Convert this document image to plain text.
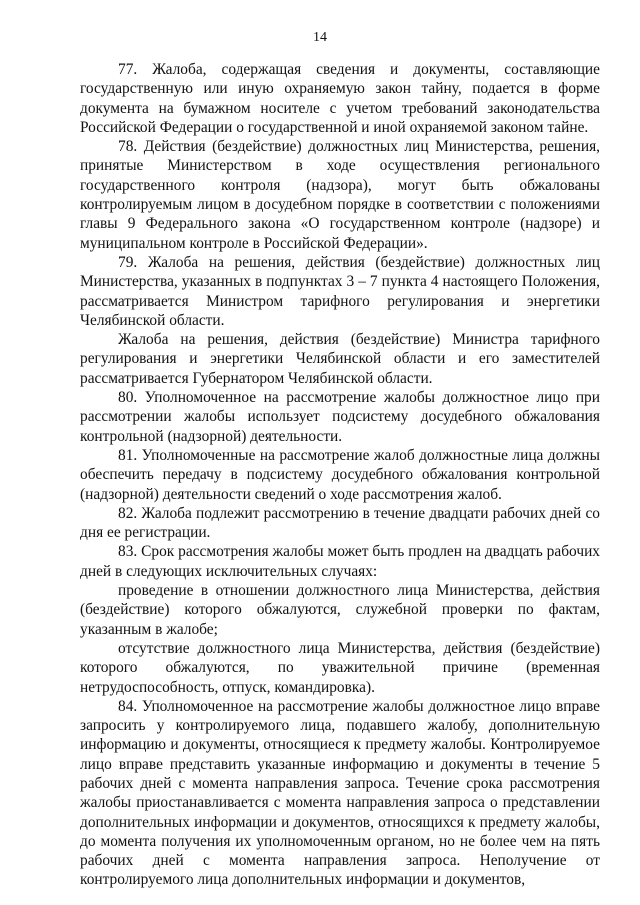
14

77. Жалоба, содержащая сведения и документы, составляющие государственную или иную охраняемую закон тайну, подается в форме документа на бумажном носителе с учетом требований законодательства Российской Федерации о государственной и иной охраняемой законом тайне.

78. Действия (бездействие) должностных лиц Министерства, решения, принятые Министерством в ходе осуществления регионального государственного контроля (надзора), могут быть обжалованы контролируемым лицом в досудебном порядке в соответствии с положениями главы 9 Федерального закона «О государственном контроле (надзоре) и муниципальном контроле в Российской Федерации».

79. Жалоба на решения, действия (бездействие) должностных лиц Министерства, указанных в подпунктах 3 – 7 пункта 4 настоящего Положения, рассматривается Министром тарифного регулирования и энергетики Челябинской области.

Жалоба на решения, действия (бездействие) Министра тарифного регулирования и энергетики Челябинской области и его заместителей рассматривается Губернатором Челябинской области.

80. Уполномоченное на рассмотрение жалобы должностное лицо при рассмотрении жалобы использует подсистему досудебного обжалования контрольной (надзорной) деятельности.

81. Уполномоченные на рассмотрение жалоб должностные лица должны обеспечить передачу в подсистему досудебного обжалования контрольной (надзорной) деятельности сведений о ходе рассмотрения жалоб.

82. Жалоба подлежит рассмотрению в течение двадцати рабочих дней со дня ее регистрации.

83. Срок рассмотрения жалобы может быть продлен на двадцать рабочих дней в следующих исключительных случаях:

проведение в отношении должностного лица Министерства, действия (бездействие) которого обжалуются, служебной проверки по фактам, указанным в жалобе;

отсутствие должностного лица Министерства, действия (бездействие) которого обжалуются, по уважительной причине (временная нетрудоспособность, отпуск, командировка).

84. Уполномоченное на рассмотрение жалобы должностное лицо вправе запросить у контролируемого лица, подавшего жалобу, дополнительную информацию и документы, относящиеся к предмету жалобы. Контролируемое лицо вправе представить указанные информацию и документы в течение 5 рабочих дней с момента направления запроса. Течение срока рассмотрения жалобы приостанавливается с момента направления запроса о представлении дополнительных информации и документов, относящихся к предмету жалобы, до момента получения их уполномоченным органом, но не более чем на пять рабочих дней с момента направления запроса. Неполучение от контролируемого лица дополнительных информации и документов,
